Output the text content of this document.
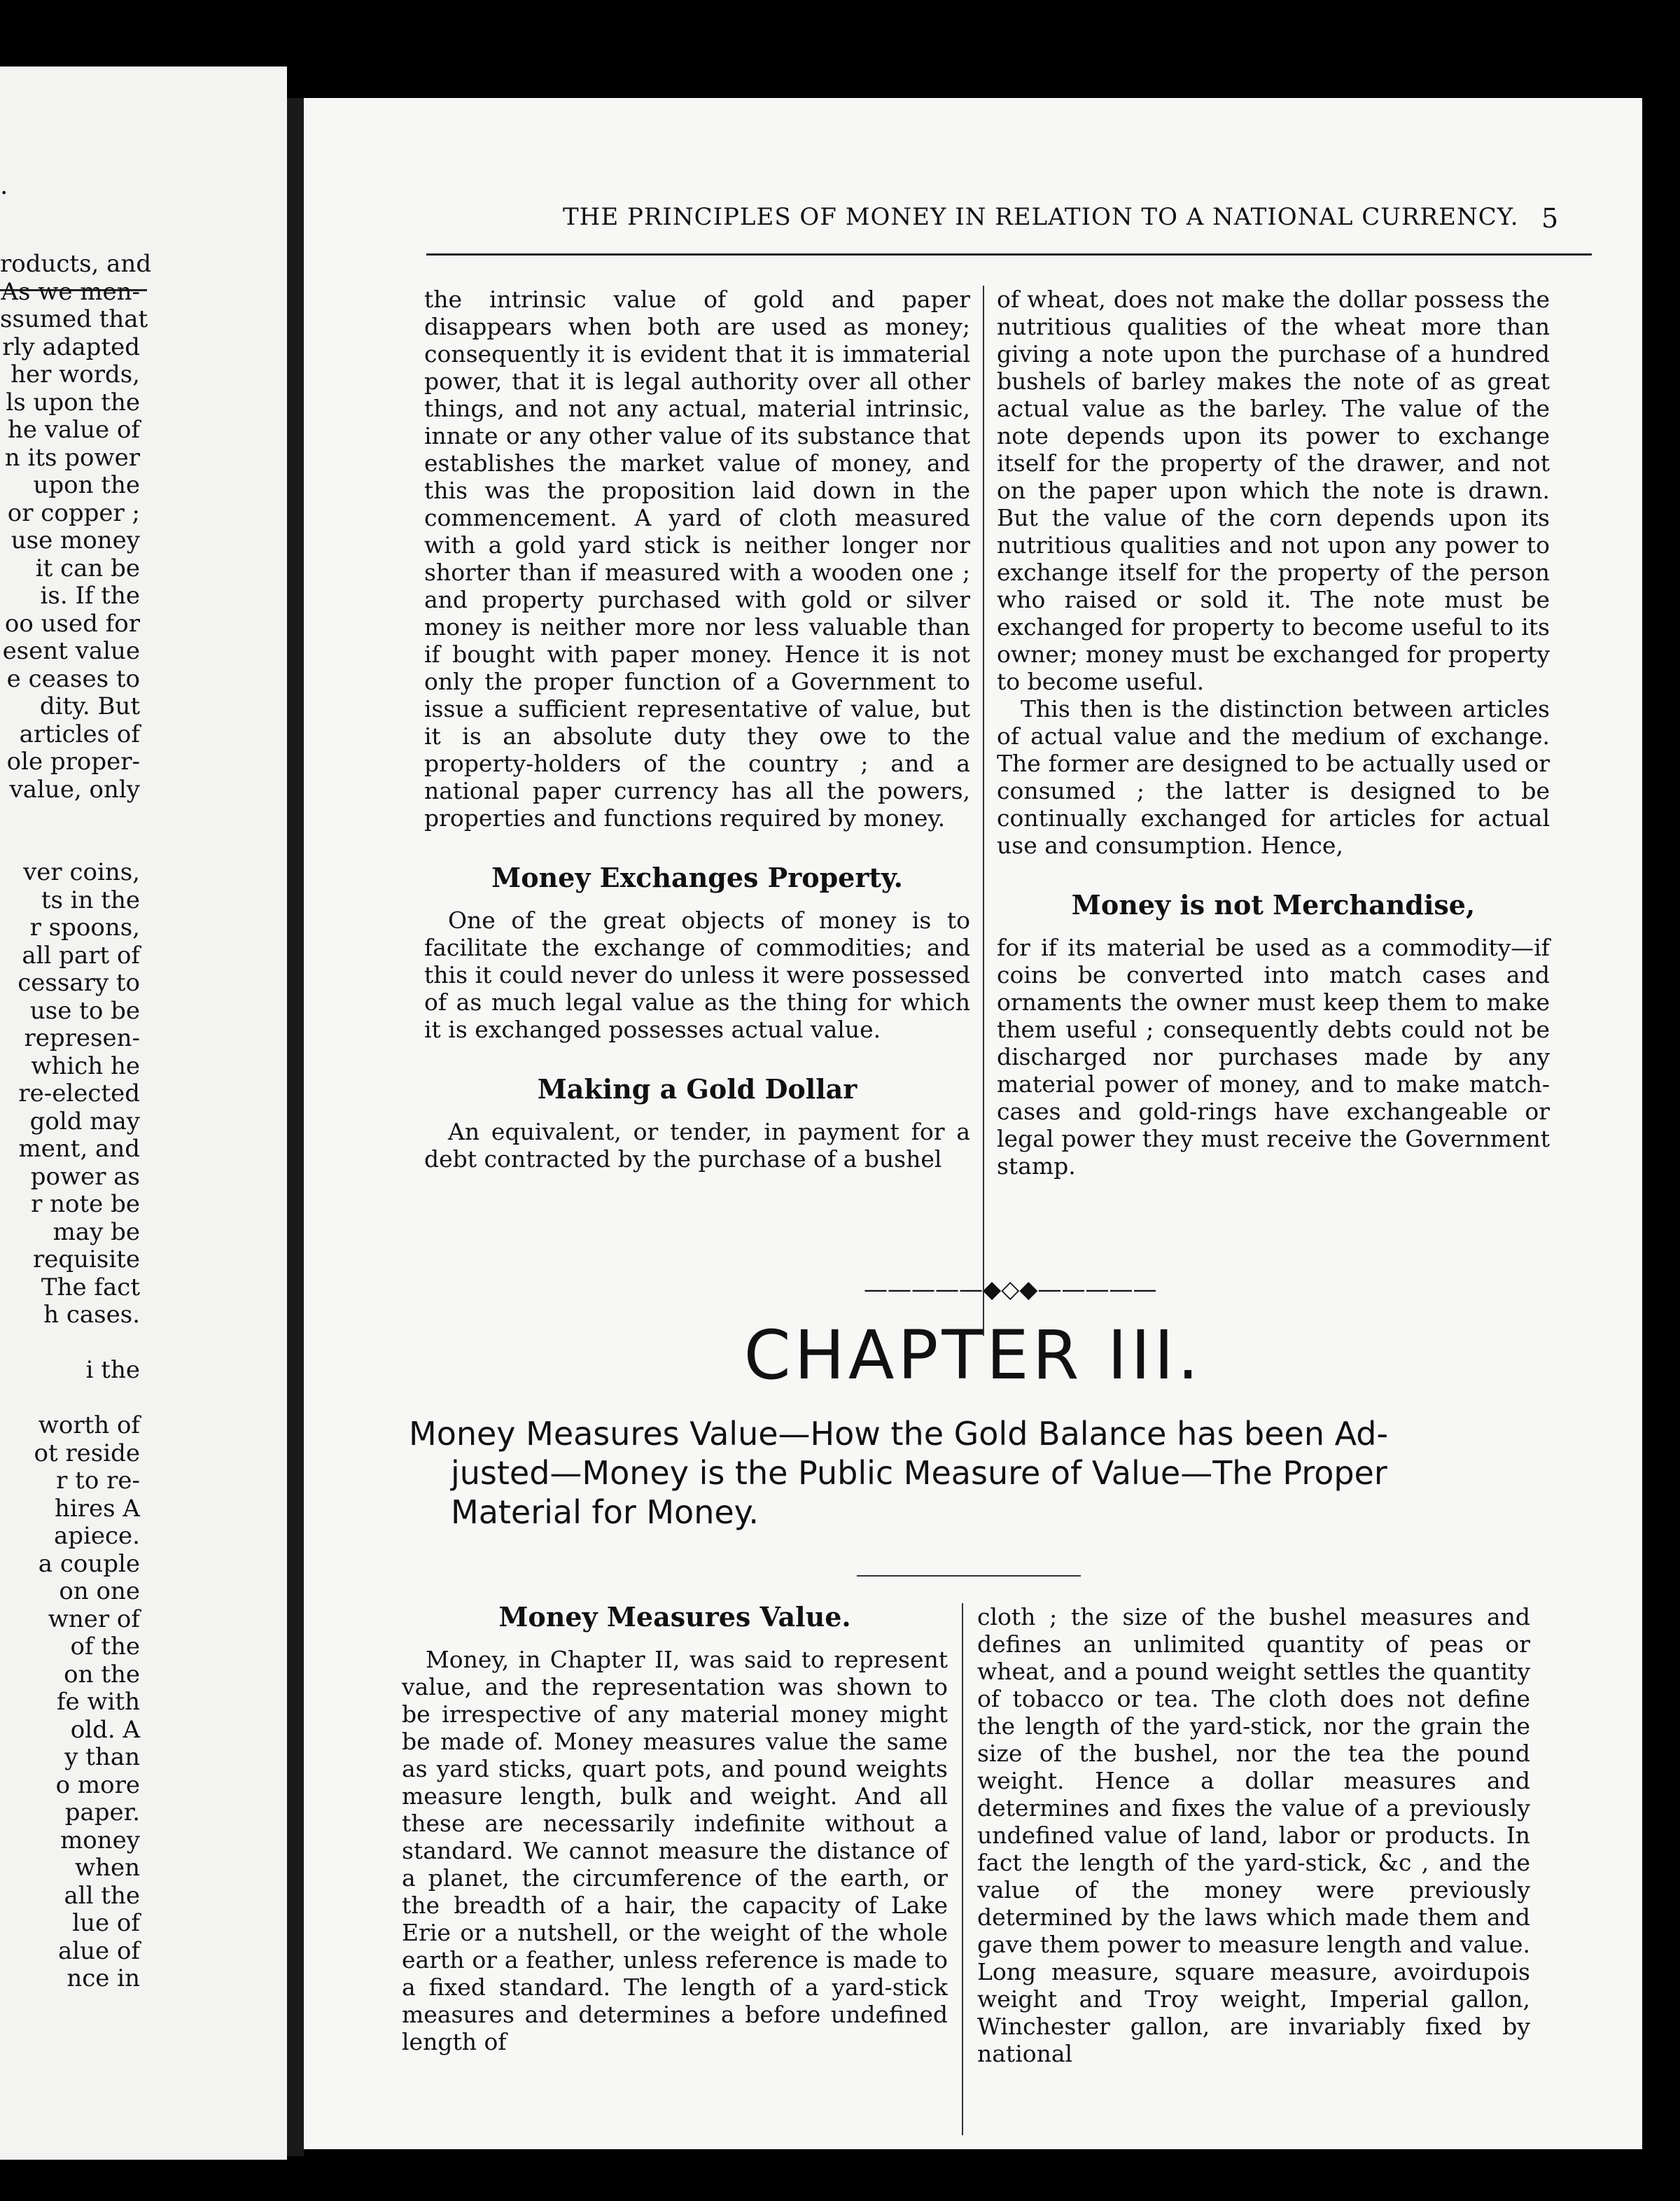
.
roducts, and
As we men-
ssumed that
rly adapted
her words,
ls upon the
he value of
n its power
upon the
or copper ;
use money
it can be
is. If the
oo used for
esent value
e ceases to
dity. But
articles of
ole proper-
value, only
ver coins,
ts in the
r spoons,
all part of
cessary to
use to be
represen-
which he
re-elected
gold may
ment, and
power as
r note be
may be
requisite
The fact
h cases.
i the
worth of
ot reside
r to re-
hires A
apiece.
a couple
on one
wner of
of the
on the
fe with
old. A
y than
o more
paper.
money
when
all the
lue of
alue of
nce in
THE PRINCIPLES OF MONEY IN RELATION TO A NATIONAL CURRENCY. 5

the intrinsic value of gold and paper disappears when both are used as money; consequently it is evident that it is immaterial power, that it is legal authority over all other things, and not any actual, material intrinsic, innate or any other value of its substance that establishes the market value of money, and this was the proposition laid down in the commencement. A yard of cloth measured with a gold yard stick is neither longer nor shorter than if measured with a wooden one ; and property purchased with gold or silver money is neither more nor less valuable than if bought with paper money. Hence it is not only the proper function of a Government to issue a sufficient representative of value, but it is an absolute duty they owe to the property-holders of the country ; and a national paper currency has all the powers, properties and functions required by money.

Money Exchanges Property.

One of the great objects of money is to facilitate the exchange of commodities; and this it could never do unless it were possessed of as much legal value as the thing for which it is exchanged possesses actual value.

Making a Gold Dollar

An equivalent, or tender, in payment for a debt contracted by the purchase of a bushel

of wheat, does not make the dollar possess the nutritious qualities of the wheat more than giving a note upon the purchase of a hundred bushels of barley makes the note of as great actual value as the barley. The value of the note depends upon its power to exchange itself for the property of the drawer, and not on the paper upon which the note is drawn. But the value of the corn depends upon its nutritious qualities and not upon any power to exchange itself for the property of the person who raised or sold it. The note must be exchanged for property to become useful to its owner; money must be exchanged for property to become useful.

This then is the distinction between articles of actual value and the medium of exchange. The former are designed to be actually used or consumed ; the latter is designed to be continually exchanged for articles for actual use and consumption. Hence,

Money is not Merchandise,

for if its material be used as a commodity—if coins be converted into match cases and ornaments the owner must keep them to make them useful ; consequently debts could not be discharged nor purchases made by any material power of money, and to make match-cases and gold-rings have exchangeable or legal power they must receive the Government stamp.

—————◆◇◆—————
CHAPTER III.
Money Measures Value—How the Gold Balance has been Ad-
justed—Money is the Public Measure of Value—The Proper
Material for Money.
Money Measures Value.

Money, in Chapter II, was said to represent value, and the representation was shown to be irrespective of any material money might be made of. Money measures value the same as yard sticks, quart pots, and pound weights measure length, bulk and weight. And all these are necessarily indefinite without a standard. We cannot measure the distance of a planet, the circumference of the earth, or the breadth of a hair, the capacity of Lake Erie or a nutshell, or the weight of the whole earth or a feather, unless reference is made to a fixed standard. The length of a yard-stick measures and determines a before undefined length of

cloth ; the size of the bushel measures and defines an unlimited quantity of peas or wheat, and a pound weight settles the quantity of tobacco or tea. The cloth does not define the length of the yard-stick, nor the grain the size of the bushel, nor the tea the pound weight. Hence a dollar measures and determines and fixes the value of a previously undefined value of land, labor or products. In fact the length of the yard-stick, &c , and the value of the money were previously determined by the laws which made them and gave them power to measure length and value. Long measure, square measure, avoirdupois weight and Troy weight, Imperial gallon, Winchester gallon, are invariably fixed by national
